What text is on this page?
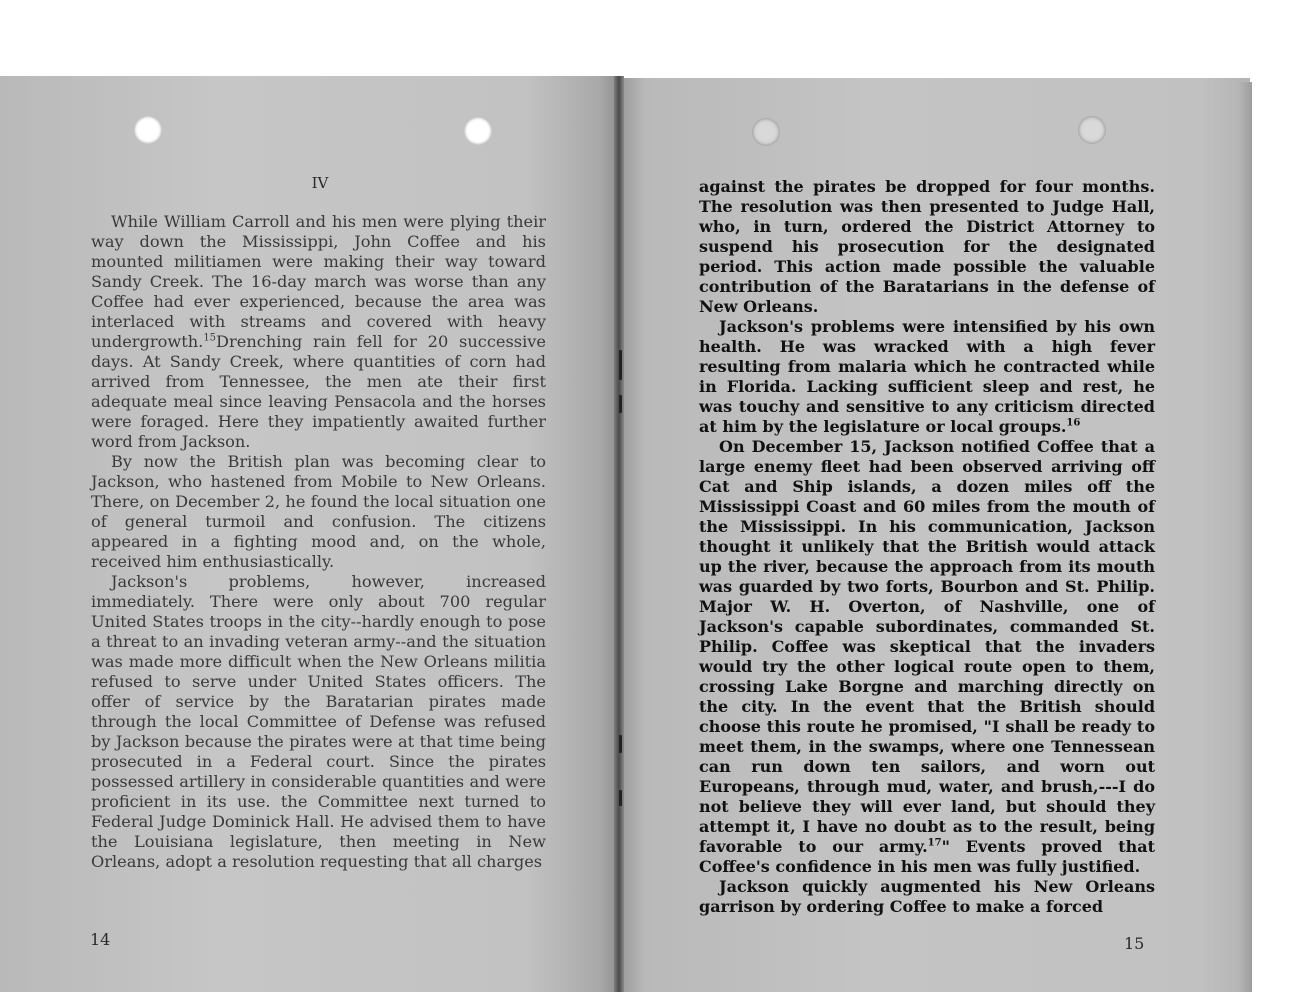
IV

While William Carroll and his men were plying their way down the Mississippi, John Coffee and his mounted militiamen were making their way toward Sandy Creek. The 16-day march was worse than any Coffee had ever experienced, because the area was interlaced with streams and covered with heavy undergrowth.$^{15}$Drenching rain fell for 20 successive days. At Sandy Creek, where quantities of corn had arrived from Tennessee, the men ate their first adequate meal since leaving Pensacola and the horses were foraged. Here they impatiently awaited further word from Jackson.

By now the British plan was becoming clear to Jackson, who hastened from Mobile to New Orleans. There, on December 2, he found the local situation one of general turmoil and confusion. The citizens appeared in a fighting mood and, on the whole, received him enthusiastically.

Jackson's problems, however, increased immediately. There were only about 700 regular United States troops in the city--hardly enough to pose a threat to an invading veteran army--and the situation was made more difficult when the New Orleans militia refused to serve under United States officers. The offer of service by the Baratarian pirates made through the local Committee of Defense was refused by Jackson because the pirates were at that time being prosecuted in a Federal court. Since the pirates possessed artillery in considerable quantities and were proficient in its use. the Committee next turned to Federal Judge Dominick Hall. He advised them to have the Louisiana legislature, then meeting in New Orleans, adopt a resolution requesting that all charges

against the pirates be dropped for four months. The resolution was then presented to Judge Hall, who, in turn, ordered the District Attorney to suspend his prosecution for the designated period. This action made possible the valuable contribution of the Baratarians in the defense of New Orleans.

Jackson's problems were intensified by his own health. He was wracked with a high fever resulting from malaria which he contracted while in Florida. Lacking sufficient sleep and rest, he was touchy and sensitive to any criticism directed at him by the legislature or local groups.$^{16}$

On December 15, Jackson notified Coffee that a large enemy fleet had been observed arriving off Cat and Ship islands, a dozen miles off the Mississippi Coast and 60 miles from the mouth of the Mississippi. In his communication, Jackson thought it unlikely that the British would attack up the river, because the approach from its mouth was guarded by two forts, Bourbon and St. Philip. Major W. H. Overton, of Nashville, one of Jackson's capable subordinates, commanded St. Philip. Coffee was skeptical that the invaders would try the other logical route open to them, crossing Lake Borgne and marching directly on the city. In the event that the British should choose this route he promised, "I shall be ready to meet them, in the swamps, where one Tennessean can run down ten sailors, and worn out Europeans, through mud, water, and brush,---I do not believe they will ever land, but should they attempt it, I have no doubt as to the result, being favorable to our army.$^{17}$" Events proved that Coffee's confidence in his men was fully justified.

Jackson quickly augmented his New Orleans garrison by ordering Coffee to make a forced

14	15
